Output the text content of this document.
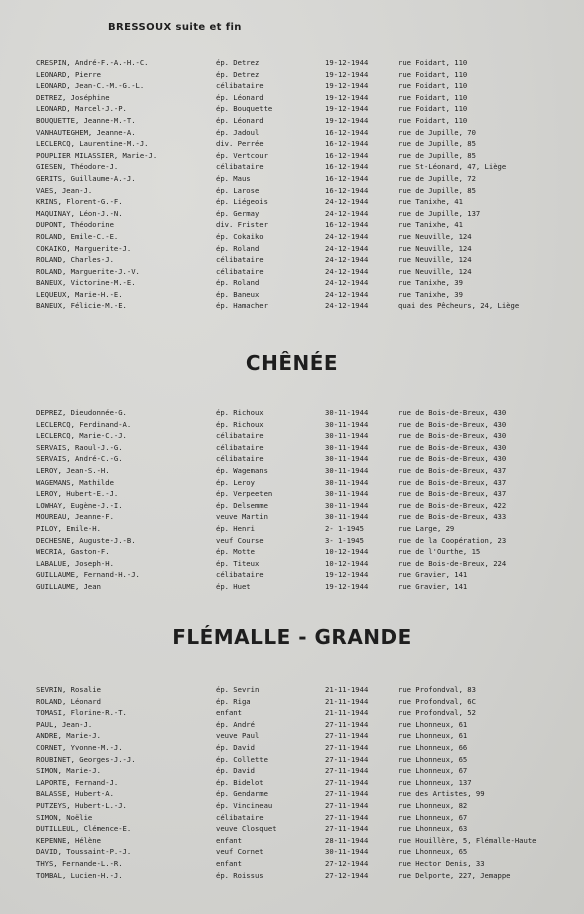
BRESSOUX suite et fin
CRESPIN, André-F.-A.-H.-C.	ép. Detrez	19-12-1944	rue Foidart, 110
LEONARD, Pierre	ép. Detrez	19-12-1944	rue Foidart, 110
LEONARD, Jean-C.-M.-G.-L.	célibataire	19-12-1944	rue Foidart, 110
DETREZ, Joséphine	ép. Léonard	19-12-1944	rue Foidart, 110
LEONARD, Marcel-J.-P.	ép. Bouquette	19-12-1944	rue Foidart, 110
BOUQUETTE, Jeanne-M.-T.	ép. Léonard	19-12-1944	rue Foidart, 110
VANHAUTEGHEM, Jeanne-A.	ép. Jadoul	16-12-1944	rue de Jupille, 70
LECLERCQ, Laurentine-M.-J.	div. Perrée	16-12-1944	rue de Jupille, 85
POUPLIER MILASSIER, Marie-J.	ép. Vertcour	16-12-1944	rue de Jupille, 85
GIESEN, Théodore-J.	célibataire	16-12-1944	rue St-Léonard, 47, Liège
GERITS, Guillaume-A.-J.	ép. Maus	16-12-1944	rue de Jupille, 72
VAES, Jean-J.	ép. Larose	16-12-1944	rue de Jupille, 85
KRINS, Florent-G.-F.	ép. Liégeois	24-12-1944	rue Tanixhe, 41
MAQUINAY, Léon-J.-N.	ép. Germay	24-12-1944	rue de Jupille, 137
DUPONT, Théodorine	div. Frister	16-12-1944	rue Tanixhe, 41
ROLAND, Emile-C.-E.	ép. Cokaiko	24-12-1944	rue Neuville, 124
COKAIKO, Marguerite-J.	ép. Roland	24-12-1944	rue Neuville, 124
ROLAND, Charles-J.	célibataire	24-12-1944	rue Neuville, 124
ROLAND, Marguerite-J.-V.	célibataire	24-12-1944	rue Neuville, 124
BANEUX, Victorine-M.-E.	ép. Roland	24-12-1944	rue Tanixhe, 39
LEQUEUX, Marie-H.-E.	ép. Baneux	24-12-1944	rue Tanixhe, 39
BANEUX, Félicie-M.-E.	ép. Hamacher	24-12-1944	quai des Pêcheurs, 24, Liège
CHÊNÉE
DEPREZ, Dieudonnée-G.	ép. Richoux	30-11-1944	rue de Bois-de-Breux, 430
LECLERCQ, Ferdinand-A.	ép. Richoux	30-11-1944	rue de Bois-de-Breux, 430
LECLERCQ, Marie-C.-J.	célibataire	30-11-1944	rue de Bois-de-Breux, 430
SERVAIS, Raoul-J.-G.	célibataire	30-11-1944	rue de Bois-de-Breux, 430
SERVAIS, André-C.-G.	célibataire	30-11-1944	rue de Bois-de-Breux, 430
LEROY, Jean-S.-H.	ép. Wagemans	30-11-1944	rue de Bois-de-Breux, 437
WAGEMANS, Mathilde	ép. Leroy	30-11-1944	rue de Bois-de-Breux, 437
LEROY, Hubert-E.-J.	ép. Verpeeten	30-11-1944	rue de Bois-de-Breux, 437
LOWHAY, Eugène-J.-I.	ép. Delsemme	30-11-1944	rue de Bois-de-Breux, 422
MOUREAU, Jeanne-F.	veuve Martin	30-11-1944	rue de Bois-de-Breux, 433
PILOY, Emile-H.	ép. Henri	2- 1-1945	rue Large, 29
DECHESNE, Auguste-J.-B.	veuf Course	3- 1-1945	rue de la Coopération, 23
WECRIA, Gaston-F.	ép. Motte	10-12-1944	rue de l'Ourthe, 15
LABALUE, Joseph-H.	ép. Titeux	10-12-1944	rue de Bois-de-Breux, 224
GUILLAUME, Fernand-H.-J.	célibataire	19-12-1944	rue Gravier, 141
GUILLAUME, Jean	ép. Huet	19-12-1944	rue Gravier, 141
FLÉMALLE - GRANDE
SEVRIN, Rosalie	ép. Sevrin	21-11-1944	rue Profondval, 83
ROLAND, Léonard	ép. Riga	21-11-1944	rue Profondval, 6C
TOMASI, Florine-R.-T.	enfant	21-11-1944	rue Profondval, 52
PAUL, Jean-J.	ép. André	27-11-1944	rue Lhonneux, 61
ANDRE, Marie-J.	veuve Paul	27-11-1944	rue Lhonneux, 61
CORNET, Yvonne-M.-J.	ép. David	27-11-1944	rue Lhonneux, 66
ROUBINET, Georges-J.-J.	ép. Collette	27-11-1944	rue Lhonneux, 65
SIMON, Marie-J.	ép. David	27-11-1944	rue Lhonneux, 67
LAPORTE, Fernand-J.	ép. Bidelot	27-11-1944	rue Lhonneux, 137
BALASSE, Hubert-A.	ép. Gendarme	27-11-1944	rue des Artistes, 99
PUTZEYS, Hubert-L.-J.	ép. Vincineau	27-11-1944	rue Lhonneux, 82
SIMON, Noëlie	célibataire	27-11-1944	rue Lhonneux, 67
DUTILLEUL, Clémence-E.	veuve Closquet	27-11-1944	rue Lhonneux, 63
KEPENNE, Hélène	enfant	28-11-1944	rue Houillère, 5, Flémalle-Haute
DAVID, Toussaint-P.-J.	veuf Cornet	30-11-1944	rue Lhonneux, 65
THYS, Fernande-L.-R.	enfant	27-12-1944	rue Hector Denis, 33
TOMBAL, Lucien-H.-J.	ép. Roissus	27-12-1944	rue Delporte, 227, Jemappe
